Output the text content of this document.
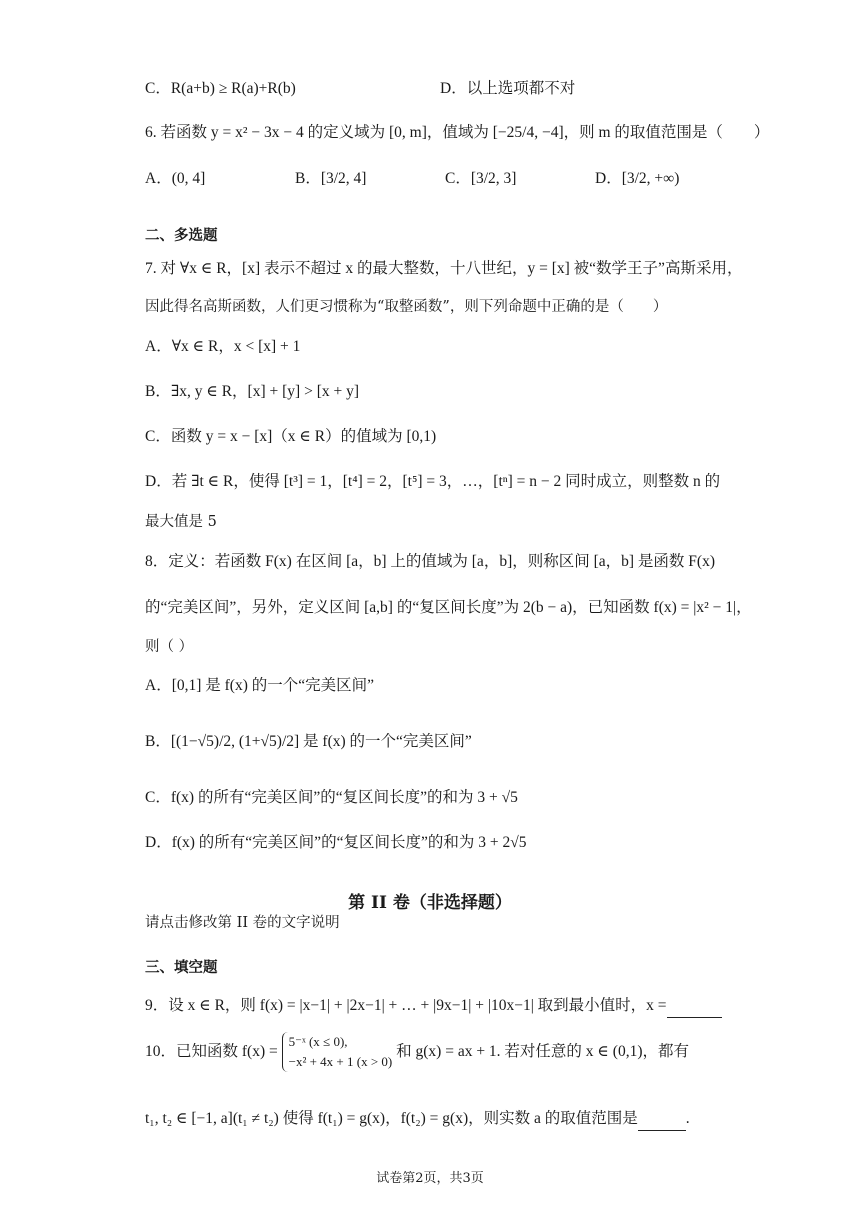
C．R(a+b) ≥ R(a)+R(b)	D．以上选项都不对
6. 若函数 y = x² − 3x − 4 的定义域为 [0, m]，值域为 [−25/4, −4]，则 m 的取值范围是（　　）
A．(0, 4]	B．[3/2, 4]	C．[3/2, 3]	D．[3/2, +∞)
二、多选题
7. 对 ∀x ∈ R，[x] 表示不超过 x 的最大整数，十八世纪，y = [x] 被“数学王子”高斯采用，
因此得名高斯函数，人们更习惯称为“取整函数”，则下列命题中正确的是（　　）
A．∀x ∈ R，x < [x] + 1
B．∃x, y ∈ R，[x] + [y] > [x + y]
C．函数 y = x − [x]（x ∈ R）的值域为 [0,1)
D．若 ∃t ∈ R，使得 [t³] = 1，[t⁴] = 2，[t⁵] = 3，…，[tⁿ] = n − 2 同时成立，则整数 n 的
最大值是 5
8．定义：若函数 F(x) 在区间 [a，b] 上的值域为 [a，b]，则称区间 [a，b] 是函数 F(x)
的“完美区间”，另外，定义区间 [a,b] 的“复区间长度”为 2(b − a)，已知函数 f(x) = |x² − 1|，
则（ ）
A．[0,1] 是 f(x) 的一个“完美区间”
B．[(1−√5)/2, (1+√5)/2] 是 f(x) 的一个“完美区间”
C．f(x) 的所有“完美区间”的“复区间长度”的和为 3 + √5
D．f(x) 的所有“完美区间”的“复区间长度”的和为 3 + 2√5
第 II 卷（非选择题）
请点击修改第 II 卷的文字说明
三、填空题
9．设 x ∈ R，则 f(x) = |x−1| + |2x−1| + … + |9x−1| + |10x−1| 取到最小值时，x =
10．已知函数 f(x) =
5⁻ˣ (x ≤ 0),
−x² + 4x + 1 (x > 0)
和 g(x) = ax + 1. 若对任意的 x ∈ (0,1)，都有
t₁, t₂ ∈ [−1, a](t₁ ≠ t₂) 使得 f(t₁) = g(x)，f(t₂) = g(x)，则实数 a 的取值范围是	.
试卷第2页，共3页
